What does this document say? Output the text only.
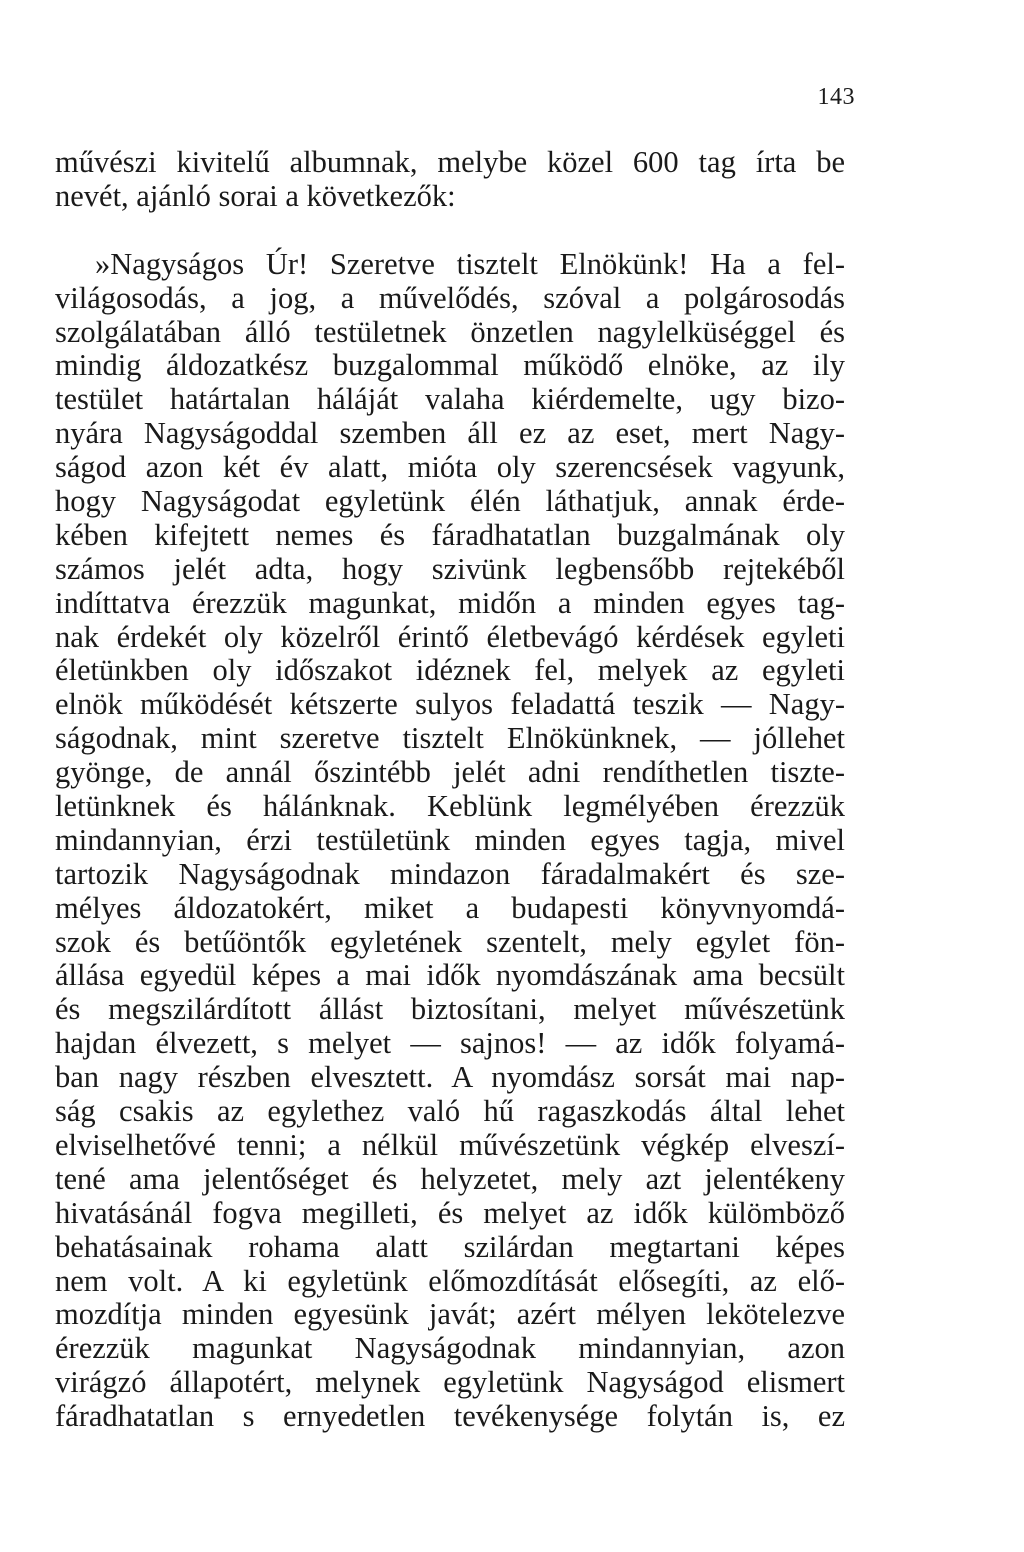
143
művészi kivitelű albumnak, melybe közel 600 tag írta be
nevét, ajánló sorai a következők:
»Nagyságos Úr! Szeretve tisztelt Elnökünk! Ha a fel-
világosodás, a jog, a művelődés, szóval a polgárosodás
szolgálatában álló testületnek önzetlen nagylelküséggel és
mindig áldozatkész buzgalommal működő elnöke, az ily
testület határtalan háláját valaha kiérdemelte, ugy bizo-
nyára Nagyságoddal szemben áll ez az eset, mert Nagy-
ságod azon két év alatt, mióta oly szerencsések vagyunk,
hogy Nagyságodat egyletünk élén láthatjuk, annak érde-
kében kifejtett nemes és fáradhatatlan buzgalmának oly
számos jelét adta, hogy szivünk legbensőbb rejtekéből
indíttatva érezzük magunkat, midőn a minden egyes tag-
nak érdekét oly közelről érintő életbevágó kérdések egyleti
életünkben oly időszakot idéznek fel, melyek az egyleti
elnök működését kétszerte sulyos feladattá teszik — Nagy-
ságodnak, mint szeretve tisztelt Elnökünknek, — jóllehet
gyönge, de annál őszintébb jelét adni rendíthetlen tiszte-
letünknek és hálánknak. Keblünk legmélyében érezzük
mindannyian, érzi testületünk minden egyes tagja, mivel
tartozik Nagyságodnak mindazon fáradalmakért és sze-
mélyes áldozatokért, miket a budapesti könyvnyomdá-
szok és betűöntők egyletének szentelt, mely egylet fön-
állása egyedül képes a mai idők nyomdászának ama becsült
és megszilárdított állást biztosítani, melyet művészetünk
hajdan élvezett, s melyet — sajnos! — az idők folyamá-
ban nagy részben elvesztett. A nyomdász sorsát mai nap-
ság csakis az egylethez való hű ragaszkodás által lehet
elviselhetővé tenni; a nélkül művészetünk végkép elveszí-
tené ama jelentőséget és helyzetet, mely azt jelentékeny
hivatásánál fogva megilleti, és melyet az idők külömböző
behatásainak rohama alatt szilárdan megtartani képes
nem volt. A ki egyletünk előmozdítását elősegíti, az elő-
mozdítja minden egyesünk javát; azért mélyen lekötelezve
érezzük magunkat Nagyságodnak mindannyian, azon
virágzó állapotért, melynek egyletünk Nagyságod elismert
fáradhatatlan s ernyedetlen tevékenysége folytán is, ez
